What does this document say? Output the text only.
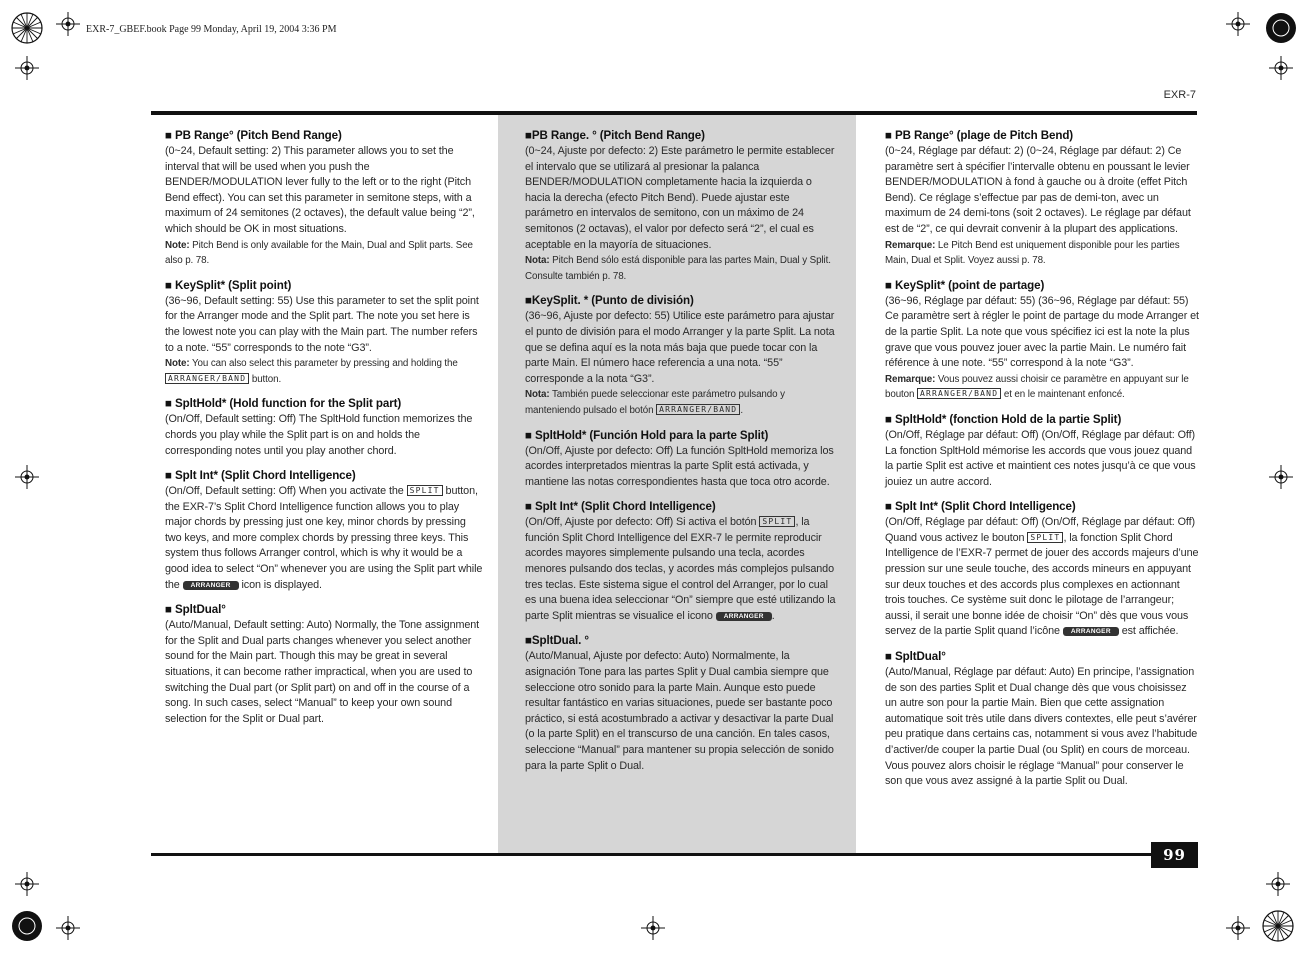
EXR-7_GBEF.book Page 99 Monday, April 19, 2004 3:36 PM
EXR-7
■ PB Range° (Pitch Bend Range)
(0~24, Default setting: 2) This parameter allows you to set the interval that will be used when you push the BENDER/MODULATION lever fully to the left or to the right (Pitch Bend effect). You can set this parameter in semitone steps, with a maximum of 24 semitones (2 octaves), the default value being “2”, which should be OK in most situations.
Note: Pitch Bend is only available for the Main, Dual and Split parts. See also p. 78.
■ KeySplit* (Split point)
(36~96, Default setting: 55) Use this parameter to set the split point for the Arranger mode and the Split part. The note you set here is the lowest note you can play with the Main part. The number refers to a note. “55” corresponds to the note “G3”.
Note: You can also select this parameter by pressing and holding the ARRANGER/BAND button.
■ SpltHold* (Hold function for the Split part)
(On/Off, Default setting: Off) The SpltHold function memorizes the chords you play while the Split part is on and holds the corresponding notes until you play another chord.
■ Splt Int* (Split Chord Intelligence)
(On/Off, Default setting: Off) When you activate the SPLIT button, the EXR-7’s Split Chord Intelligence function allows you to play major chords by pressing just one key, minor chords by pressing two keys, and more complex chords by pressing three keys. This system thus follows Arranger control, which is why it would be a good idea to select “On” whenever you are using the Split part while the ARRANGER icon is displayed.
■ SpltDual°
(Auto/Manual, Default setting: Auto) Normally, the Tone assignment for the Split and Dual parts changes whenever you select another sound for the Main part. Though this may be great in several situations, it can become rather impractical, when you are used to switching the Dual part (or Split part) on and off in the course of a song. In such cases, select “Manual” to keep your own sound selection for the Split or Dual part.
■PB Range. ° (Pitch Bend Range)
(0~24, Ajuste por defecto: 2) Este parámetro le permite establecer el intervalo que se utilizará al presionar la palanca BENDER/MODULATION completamente hacia la izquierda o hacia la derecha (efecto Pitch Bend). Puede ajustar este parámetro en intervalos de semitono, con un máximo de 24 semitonos (2 octavas), el valor por defecto será “2”, el cual es aceptable en la mayoría de situaciones.
Nota: Pitch Bend sólo está disponible para las partes Main, Dual y Split. Consulte también p. 78.
■KeySplit. * (Punto de división)
(36~96, Ajuste por defecto: 55) Utilice este parámetro para ajustar el punto de división para el modo Arranger y la parte Split. La nota que se defina aquí es la nota más baja que puede tocar con la parte Main. El número hace referencia a una nota. “55” corresponde a la nota “G3”.
Nota: También puede seleccionar este parámetro pulsando y manteniendo pulsado el botón ARRANGER/BAND .
■ SpltHold* (Función Hold para la parte Split)
(On/Off, Ajuste por defecto: Off) La función SpltHold memoriza los acordes interpretados mientras la parte Split está activada, y mantiene las notas correspondientes hasta que toca otro acorde.
■ Splt Int* (Split Chord Intelligence)
(On/Off, Ajuste por defecto: Off) Si activa el botón SPLIT , la función Split Chord Intelligence del EXR-7 le permite reproducir acordes mayores simplemente pulsando una tecla, acordes menores pulsando dos teclas, y acordes más complejos pulsando tres teclas. Este sistema sigue el control del Arranger, por lo cual es una buena idea seleccionar “On” siempre que esté utilizando la parte Split mientras se visualice el icono ARRANGER .
■SpltDual. °
(Auto/Manual, Ajuste por defecto: Auto) Normalmente, la asignación Tone para las partes Split y Dual cambia siempre que seleccione otro sonido para la parte Main. Aunque esto puede resultar fantástico en varias situaciones, puede ser bastante poco práctico, si está acostumbrado a activar y desactivar la parte Dual (o la parte Split) en el transcurso de una canción. En tales casos, seleccione “Manual” para mantener su propia selección de sonido para la parte Split o Dual.
■ PB Range° (plage de Pitch Bend)
(0~24, Réglage par défaut: 2) (0~24, Réglage par défaut: 2) Ce paramètre sert à spécifier l’intervalle obtenu en poussant le levier BENDER/MODULATION à fond à gauche ou à droite (effet Pitch Bend). Ce réglage s’effectue par pas de demi-ton, avec un maximum de 24 demi-tons (soit 2 octaves). Le réglage par défaut est de “2”, ce qui devrait convenir à la plupart des applications.
Remarque: Le Pitch Bend est uniquement disponible pour les parties Main, Dual et Split. Voyez aussi p. 78.
■ KeySplit* (point de partage)
(36~96, Réglage par défaut: 55) (36~96, Réglage par défaut: 55) Ce paramètre sert à régler le point de partage du mode Arranger et de la partie Split. La note que vous spécifiez ici est la note la plus grave que vous pouvez jouer avec la partie Main. Le numéro fait référence à une note. “55” correspond à la note “G3”.
Remarque: Vous pouvez aussi choisir ce paramètre en appuyant sur le bouton ARRANGER/BAND et en le maintenant enfoncé.
■ SpltHold* (fonction Hold de la partie Split)
(On/Off, Réglage par défaut: Off) (On/Off, Réglage par défaut: Off) La fonction SpltHold mémorise les accords que vous jouez quand la partie Split est active et maintient ces notes jusqu’à ce que vous jouiez un autre accord.
■ Splt Int* (Split Chord Intelligence)
(On/Off, Réglage par défaut: Off) (On/Off, Réglage par défaut: Off) Quand vous activez le bouton SPLIT , la fonction Split Chord Intelligence de l’EXR-7 permet de jouer des accords majeurs d’une pression sur une seule touche, des accords mineurs en appuyant sur deux touches et des accords plus complexes en actionnant trois touches. Ce système suit donc le pilotage de l’arrangeur; aussi, il serait une bonne idée de choisir “On” dès que vous vous servez de la partie Split quand l’icône ARRANGER est affichée.
■ SpltDual°
(Auto/Manual, Réglage par défaut: Auto) En principe, l’assignation de son des parties Split et Dual change dès que vous choisissez un autre son pour la partie Main. Bien que cette assignation automatique soit très utile dans divers contextes, elle peut s’avérer peu pratique dans certains cas, notamment si vous avez l’habitude d’activer/de couper la partie Dual (ou Split) en cours de morceau. Vous pouvez alors choisir le réglage “Manual” pour conserver le son que vous avez assigné à la partie Split ou Dual.
99
